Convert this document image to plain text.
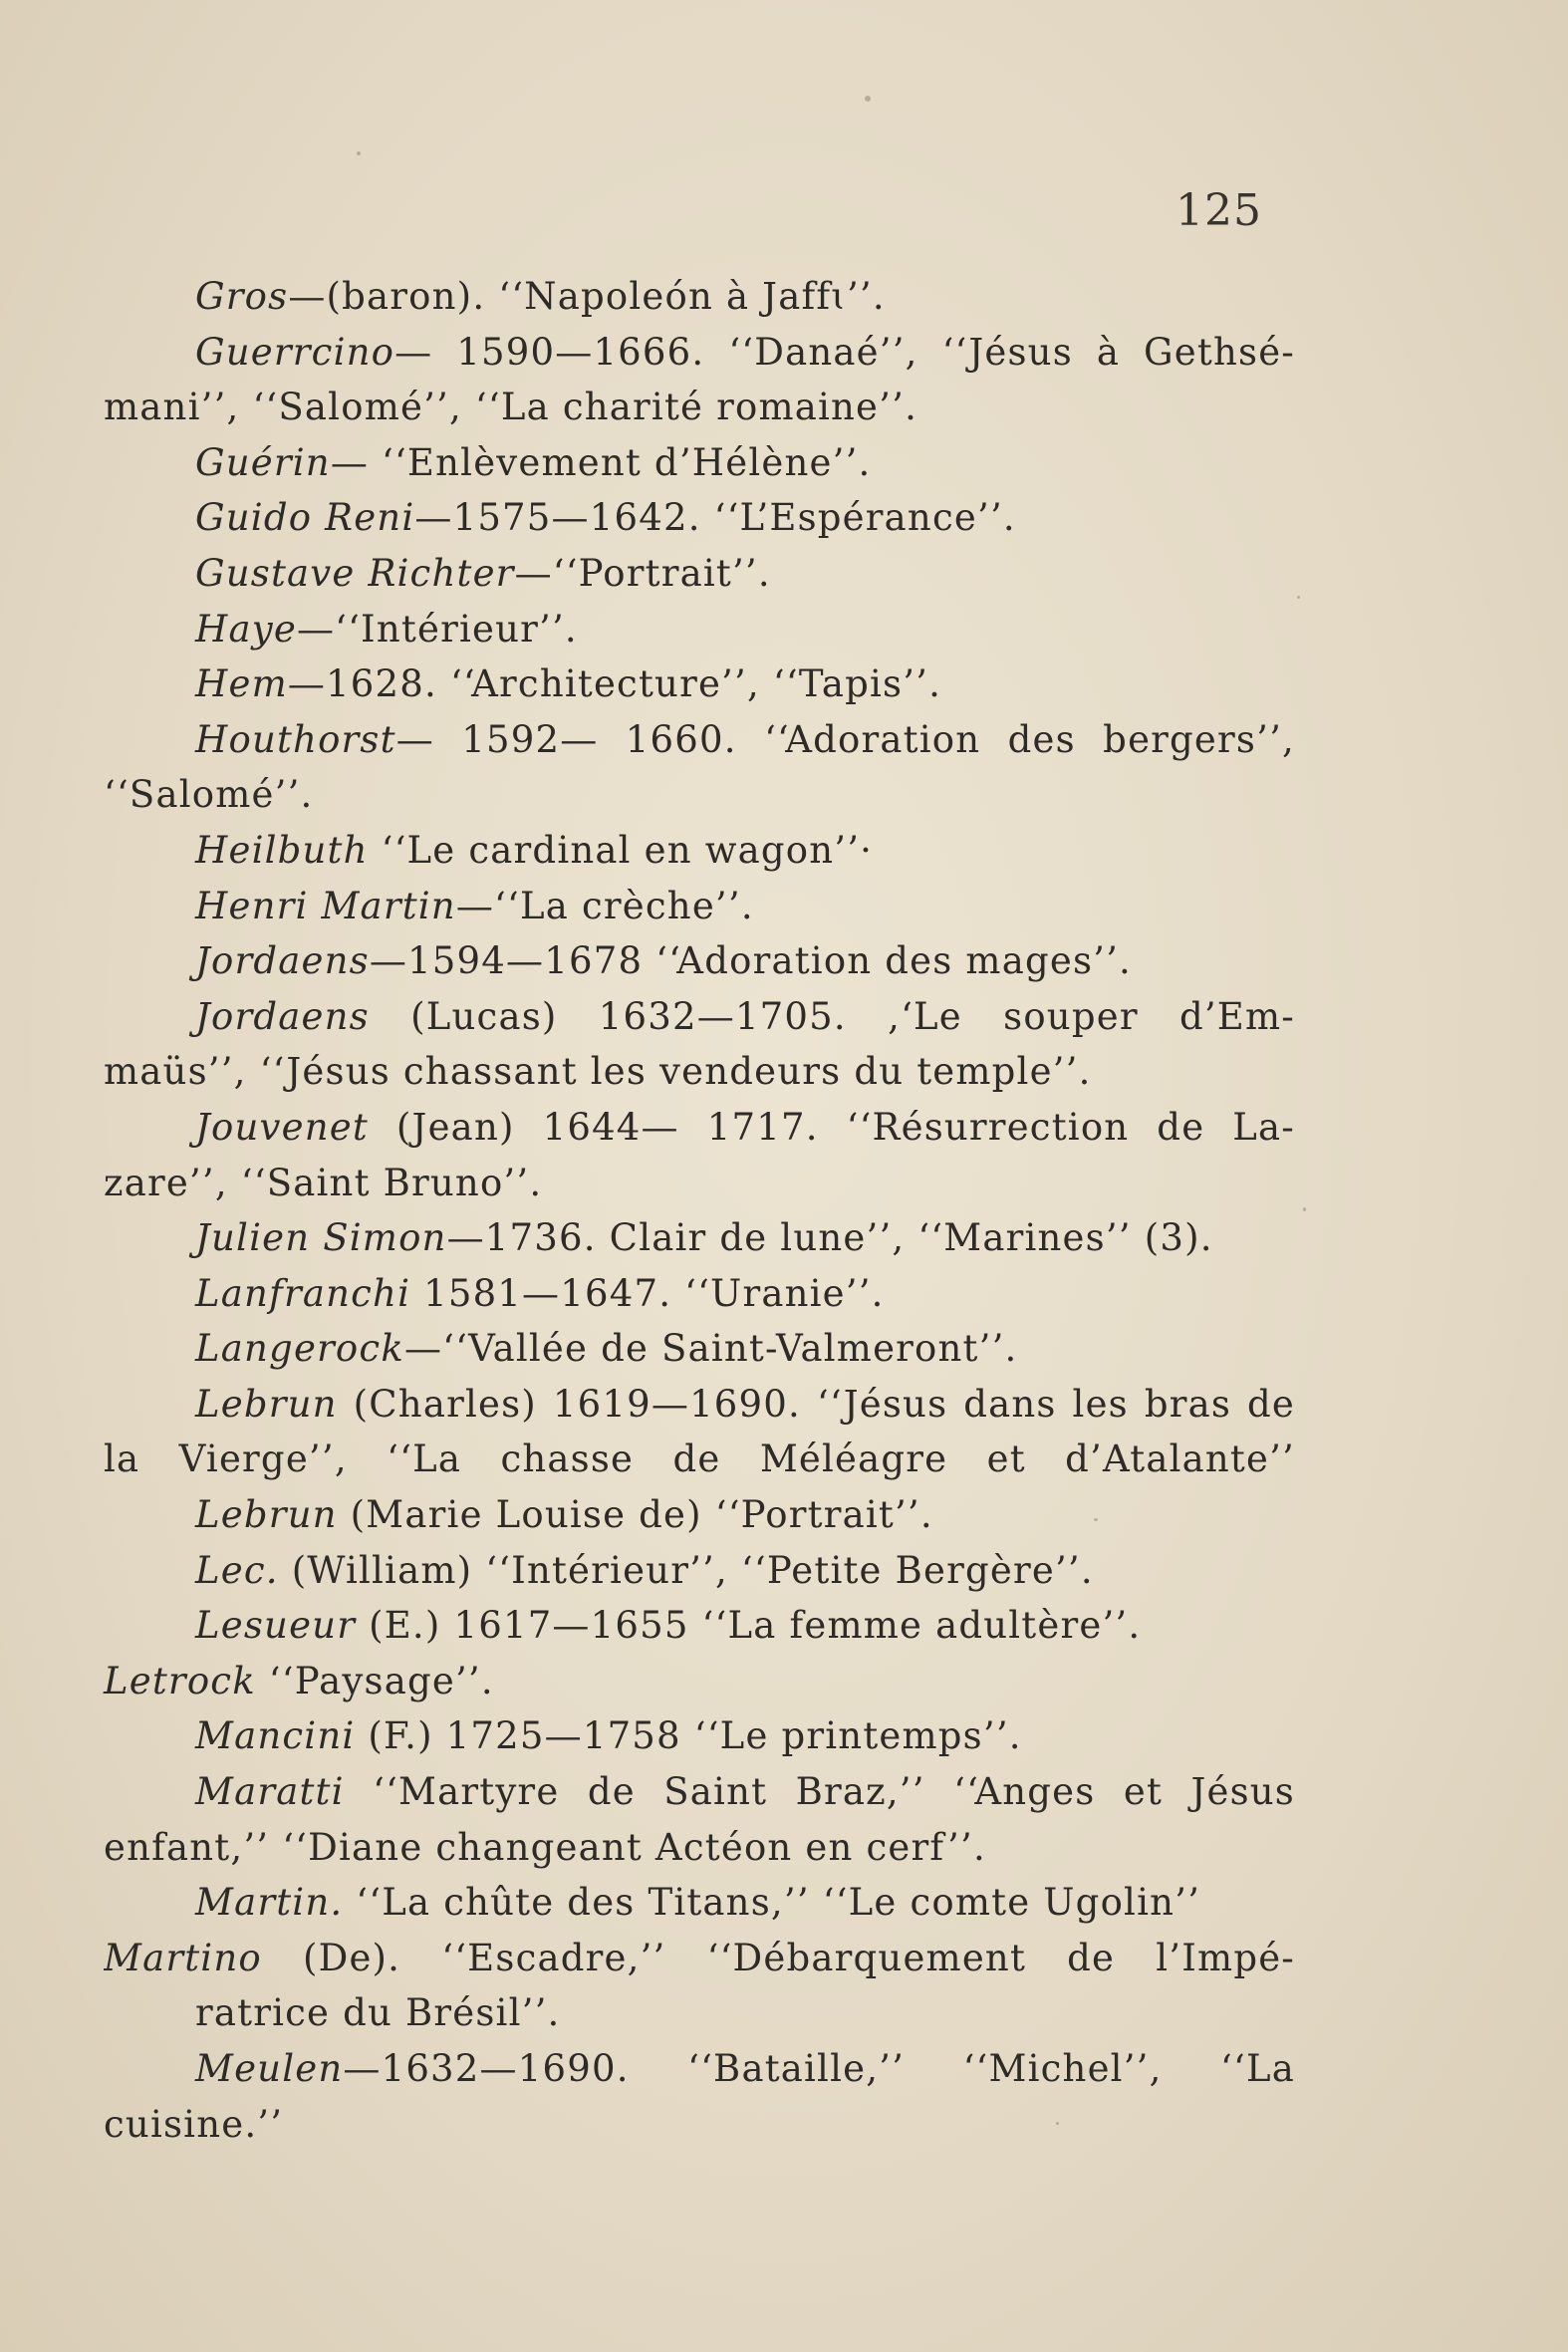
125
Gros—(baron). ‘‘Napoleón à Jaffɩ’’.
Guerrcino— 1590—1666. ‘‘Danaé’’, ‘‘Jésus à Gethsé-
mani’’, ‘‘Salomé’’, ‘‘La charité romaine’’.
Guérin— ‘‘Enlèvement d’Hélène’’.
Guido Reni—1575—1642. ‘‘L’Espérance’’.
Gustave Richter—‘‘Portrait’’.
Haye—‘‘Intérieur’’.
Hem—1628. ‘‘Architecture’’, ‘‘Tapis’’.
Houthorst— 1592— 1660. ‘‘Adoration des bergers’’,
‘‘Salomé’’.
Heilbuth ‘‘Le cardinal en wagon’’·
Henri Martin—‘‘La crèche’’.
Jordaens—1594—1678 ‘‘Adoration des mages’’.
Jordaens (Lucas) 1632—1705. ,‘Le souper d’Em-
maüs’’, ‘‘Jésus chassant les vendeurs du temple’’.
Jouvenet (Jean) 1644— 1717. ‘‘Résurrection de La-
zare’’, ‘‘Saint Bruno’’.
Julien Simon—1736. Clair de lune’’, ‘‘Marines’’ (3).
Lanfranchi 1581—1647. ‘‘Uranie’’.
Langerock—‘‘Vallée de Saint-Valmeront’’.
Lebrun (Charles) 1619—1690. ‘‘Jésus dans les bras de
la Vierge’’, ‘‘La chasse de Méléagre et d’Atalante’’
Lebrun (Marie Louise de) ‘‘Portrait’’.
Lec. (William) ‘‘Intérieur’’, ‘‘Petite Bergère’’.
Lesueur (E.) 1617—1655 ‘‘La femme adultère’’.
Letrock ‘‘Paysage’’.
Mancini (F.) 1725—1758 ‘‘Le printemps’’.
Maratti ‘‘Martyre de Saint Braz,’’ ‘‘Anges et Jésus
enfant,’’ ‘‘Diane changeant Actéon en cerf’’.
Martin. ‘‘La chûte des Titans,’’ ‘‘Le comte Ugolin’’
Martino (De). ‘‘Escadre,’’ ‘‘Débarquement de l’Impé-
ratrice du Brésil’’.
Meulen—1632—1690. ‘‘Bataille,’’ ‘‘Michel’’, ‘‘La
cuisine.’’
